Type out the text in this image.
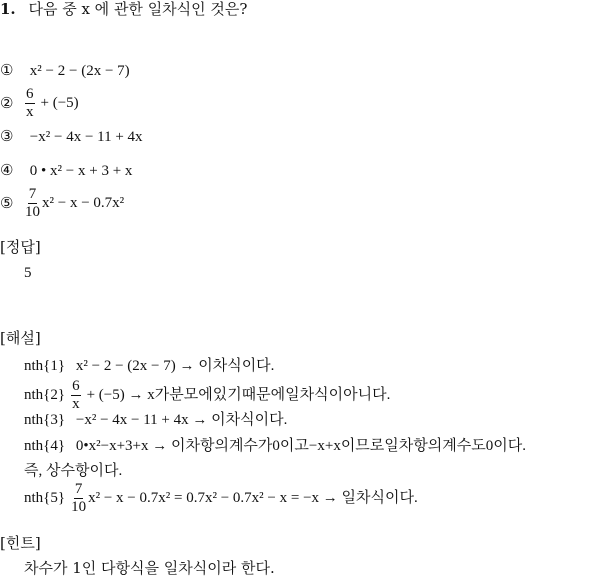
1. 다음 중 x 에 관한 일차식인 것은?
① x² − 2 − (2x − 7)
② $\frac{6}{x} + (-5)$
③ −x² − 4x − 11 + 4x
④ 0 • x² − x + 3 + x
⑤ $\frac{7}{10} x^2 - x - 0.7x^2$
[정답]
5
[해설]
nth{1} x² − 2 − (2x − 7) → 이차식이다.
$nth\{2\} \frac{6}{x} + (-5) \to x$가분모에있기때문에일차식이아니다.
nth{3} −x² − 4x − 11 + 4x → 이차식이다.
nth{4} 0•x²−x+3+x → 이차항의계수가0이고−x+x이므로일차항의계수도0이다.
즉, 상수항이다.
$nth\{5\} \frac{7}{10} x^2 - x - 0.7x^2 = 0.7x^2 - 0.7x^2 - x = -x$ → 일차식이다.
[힌트]
차수가 1인 다항식을 일차식이라 한다.
